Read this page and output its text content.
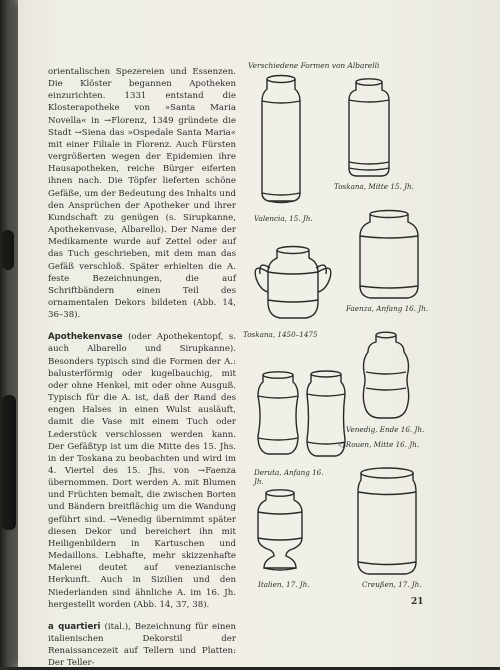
orientalischen Spezereien und Essenzen. Die Klöster begannen Apotheken einzurichten. 1331 entstand die Klosterapotheke von »Santa Maria Novella« in →Florenz, 1349 gründete die Stadt →Siena das »Ospedale Santa Maria« mit einer Filiale in Florenz. Auch Fürsten vergrößerten wegen der Epidemien ihre Hausapotheken, reiche Bürger eiferten ihnen nach. Die Töpfer lieferten schöne Gefäße, um der Bedeutung des Inhalts und den Ansprüchen der Apotheker und ihrer Kundschaft zu genügen (s. Sirupkanne, Apothekenvase, Albarello). Der Name der Medikamente wurde auf Zettel oder auf das Tuch geschrieben, mit dem man das Gefäß verschloß. Später erhielten die A. feste Bezeichnungen, die auf Schriftbändern einen Teil des ornamentalen Dekors bildeten (Abb. 14, 36–38).

Apothekenvase (oder Apothekentopf, s. auch Albarello und Sirupkanne). Besonders typisch sind die Formen der A.: balusterförmig oder kugelbauchig, mit oder ohne Henkel, mit oder ohne Ausguß. Typisch für die A. ist, daß der Rand des engen Halses in einen Wulst ausläuft, damit die Vase mit einem Tuch oder Lederstück verschlossen werden kann. Der Gefäßtyp ist um die Mitte des 15. Jhs. in der Toskana zu beobachten und wird im 4. Viertel des 15. Jhs. von →Faenza übernommen. Dort werden A. mit Blumen und Früchten bemalt, die zwischen Borten und Bändern breitflächig um die Wandung geführt sind. →Venedig übernimmt später diesen Dekor und bereichert ihn mit Heiligenbildern in Kartuschen und Medaillons. Lebhafte, mehr skizzenhafte Malerei deutet auf venezianische Herkunft. Auch in Sizilien und den Niederlanden sind ähnliche A. im 16. Jh. hergestellt worden (Abb. 14, 37, 38).

a quartieri (ital.), Bezeichnung für einen italienischen Dekorstil der Renaissancezeit auf Tellern und Platten: Der Teller-

Verschiedene Formen von Albarelli
Valencia, 15. Jh.
Toskana, Mitte 15. Jh.
Toskana, 1450–1475
Faenza, Anfang 16. Jh.
Venedig, Ende 16. Jh.
◁ Rouen, Mitte 16. Jh.
Deruta, Anfang 16. Jh.
Italien, 17. Jh.	Creußen, 17. Jh.
21
